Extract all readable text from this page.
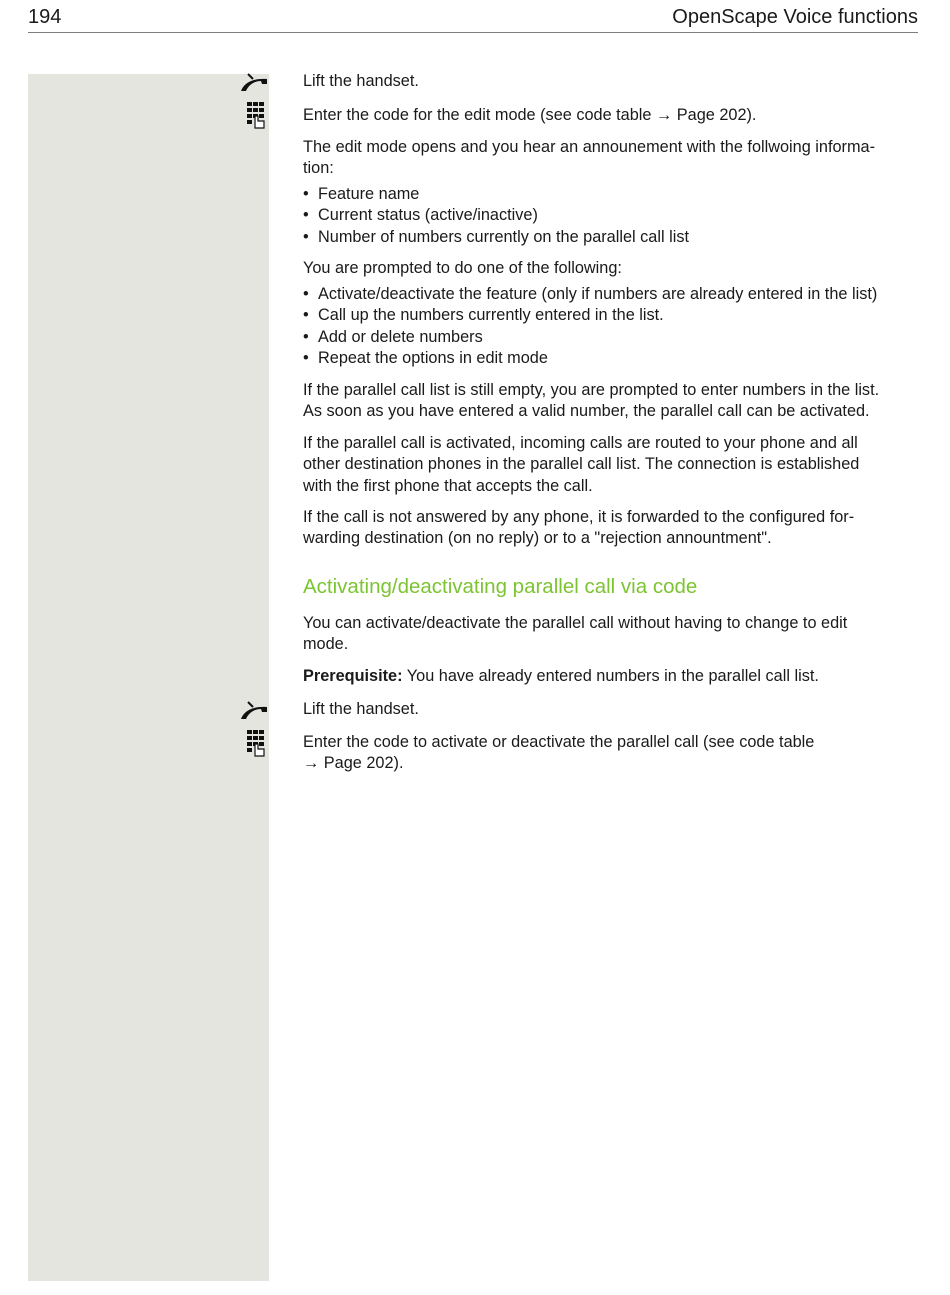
194	OpenScape Voice functions

Lift the handset.

Enter the code for the edit mode (see code table → Page 202).

The edit mode opens and you hear an announement with the follwoing informa-
tion:

• Feature name
• Current status (active/inactive)
• Number of numbers currently on the parallel call list

You are prompted to do one of the following:

• Activate/deactivate the feature (only if numbers are already entered in the list)
• Call up the numbers currently entered in the list.
• Add or delete numbers
• Repeat the options in edit mode

If the parallel call list is still empty, you are prompted to enter numbers in the list.
As soon as you have entered a valid number, the parallel call can be activated.

If the parallel call is activated, incoming calls are routed to your phone and all
other destination phones in the parallel call list. The connection is established
with the first phone that accepts the call.

If the call is not answered by any phone, it is forwarded to the configured for-
warding destination (on no reply) or to a "rejection annountment".

Activating/deactivating parallel call via code

You can activate/deactivate the parallel call without having to change to edit
mode.

Prerequisite: You have already entered numbers in the parallel call list.

Lift the handset.

Enter the code to activate or deactivate the parallel call (see code table
→ Page 202).
